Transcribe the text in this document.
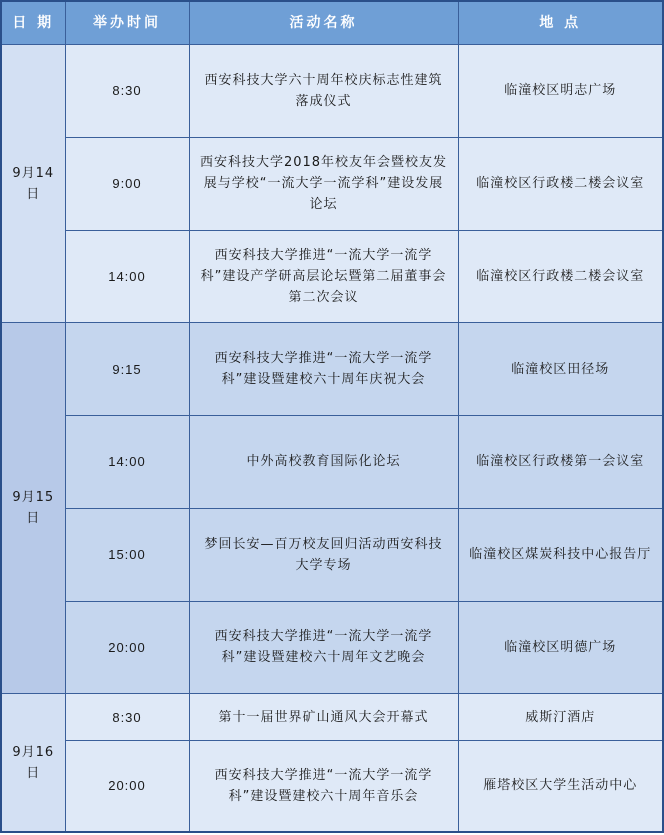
日 期	举办时间	活动名称	地 点
9月14日	8:30	西安科技大学六十周年校庆标志性建筑落成仪式	临潼校区明志广场
	9:00	西安科技大学2018年校友年会暨校友发展与学校“一流大学一流学科”建设发展论坛	临潼校区行政楼二楼会议室
	14:00	西安科技大学推进“一流大学一流学科”建设产学研高层论坛暨第二届董事会第二次会议	临潼校区行政楼二楼会议室
9月15日	9:15	西安科技大学推进“一流大学一流学科”建设暨建校六十周年庆祝大会	临潼校区田径场
	14:00	中外高校教育国际化论坛	临潼校区行政楼第一会议室
	15:00	梦回长安—百万校友回归活动西安科技大学专场	临潼校区煤炭科技中心报告厅
	20:00	西安科技大学推进“一流大学一流学科”建设暨建校六十周年文艺晚会	临潼校区明德广场
9月16日	8:30	第十一届世界矿山通风大会开幕式	威斯汀酒店
	20:00	西安科技大学推进“一流大学一流学科”建设暨建校六十周年音乐会	雁塔校区大学生活动中心
